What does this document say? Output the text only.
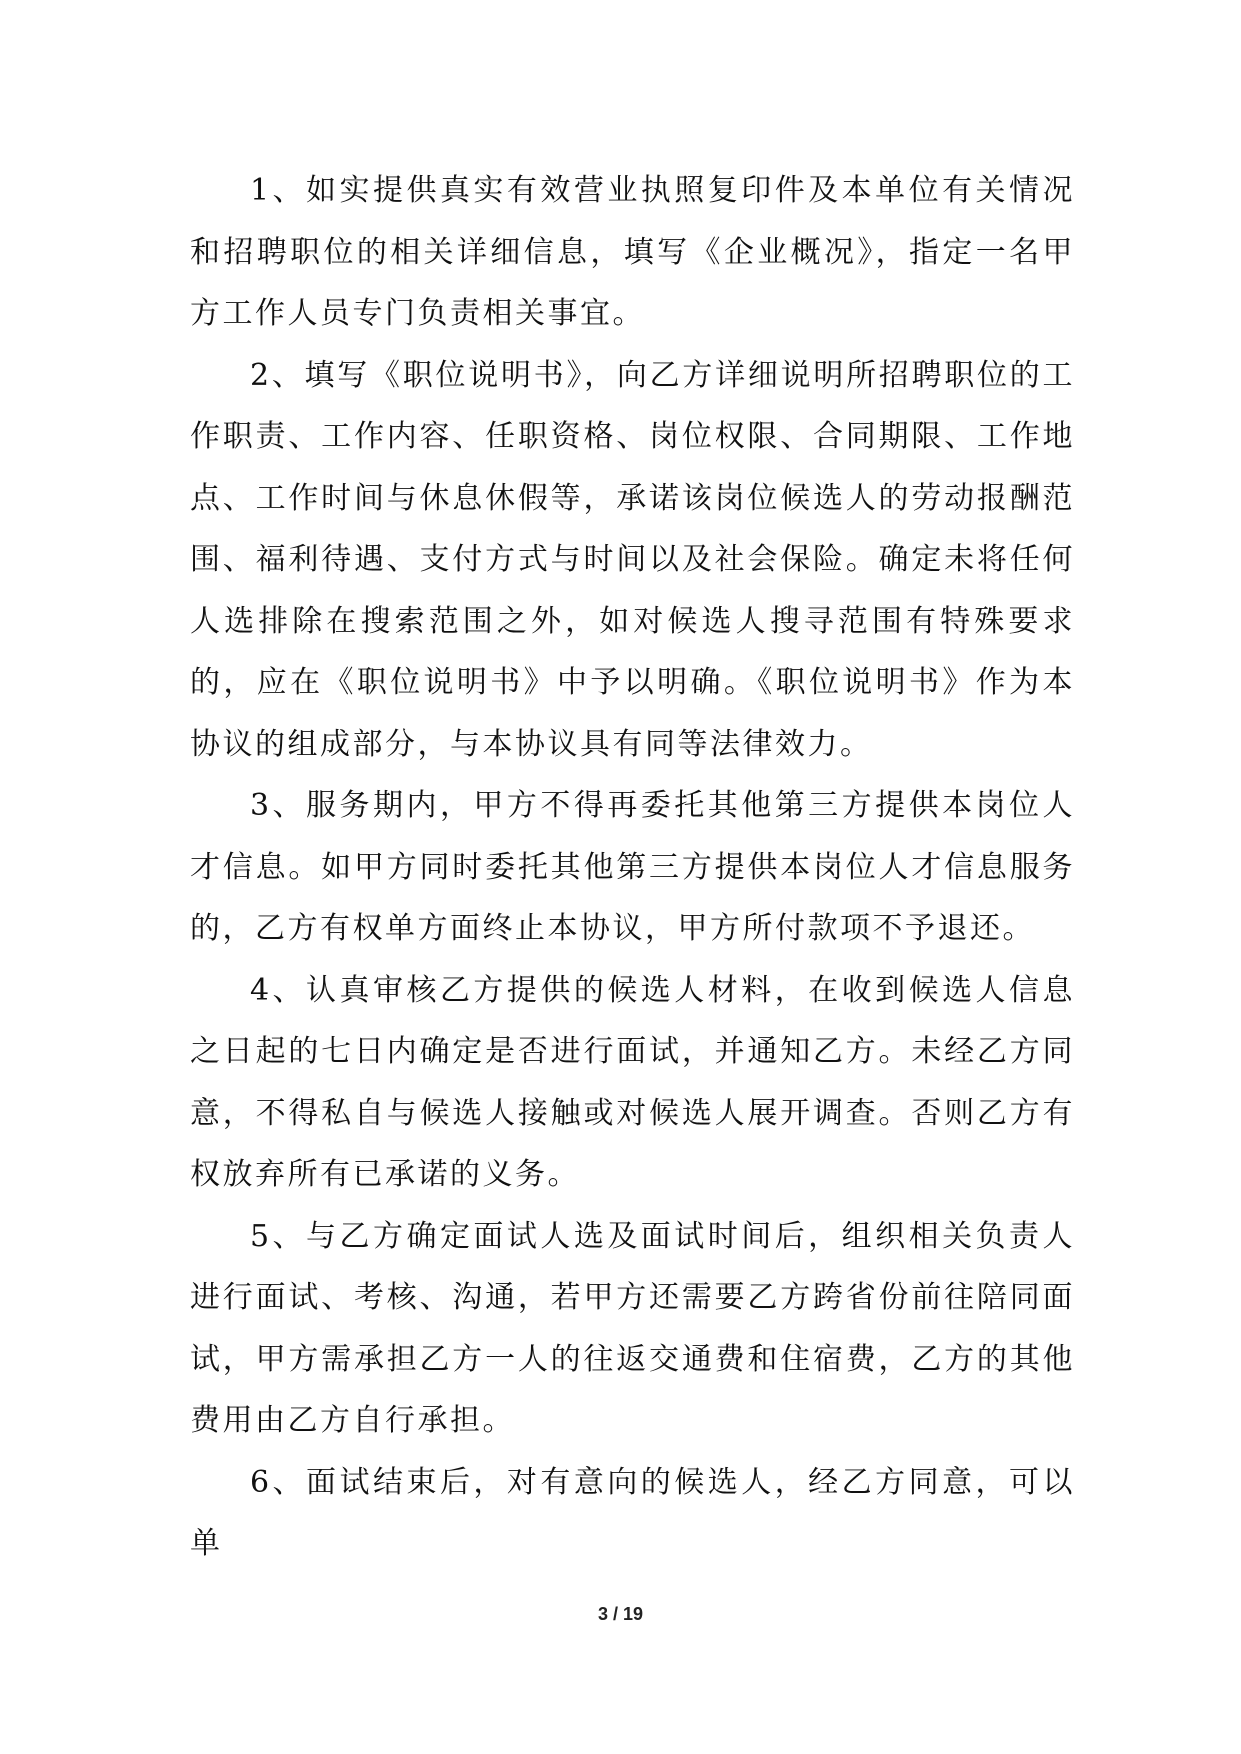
1、如实提供真实有效营业执照复印件及本单位有关情况和招聘职位的相关详细信息，填写《企业概况》，指定一名甲方工作人员专门负责相关事宜。

2、填写《职位说明书》，向乙方详细说明所招聘职位的工作职责、工作内容、任职资格、岗位权限、合同期限、工作地点、工作时间与休息休假等，承诺该岗位候选人的劳动报酬范围、福利待遇、支付方式与时间以及社会保险。确定未将任何人选排除在搜索范围之外，如对候选人搜寻范围有特殊要求的，应在《职位说明书》中予以明确。《职位说明书》作为本协议的组成部分，与本协议具有同等法律效力。

3、服务期内，甲方不得再委托其他第三方提供本岗位人才信息。如甲方同时委托其他第三方提供本岗位人才信息服务的，乙方有权单方面终止本协议，甲方所付款项不予退还。

4、认真审核乙方提供的候选人材料，在收到候选人信息之日起的七日内确定是否进行面试，并通知乙方。未经乙方同意，不得私自与候选人接触或对候选人展开调查。否则乙方有权放弃所有已承诺的义务。

5、与乙方确定面试人选及面试时间后，组织相关负责人进行面试、考核、沟通，若甲方还需要乙方跨省份前往陪同面试，甲方需承担乙方一人的往返交通费和住宿费，乙方的其他费用由乙方自行承担。

6、面试结束后，对有意向的候选人，经乙方同意，可以单

3 / 19
